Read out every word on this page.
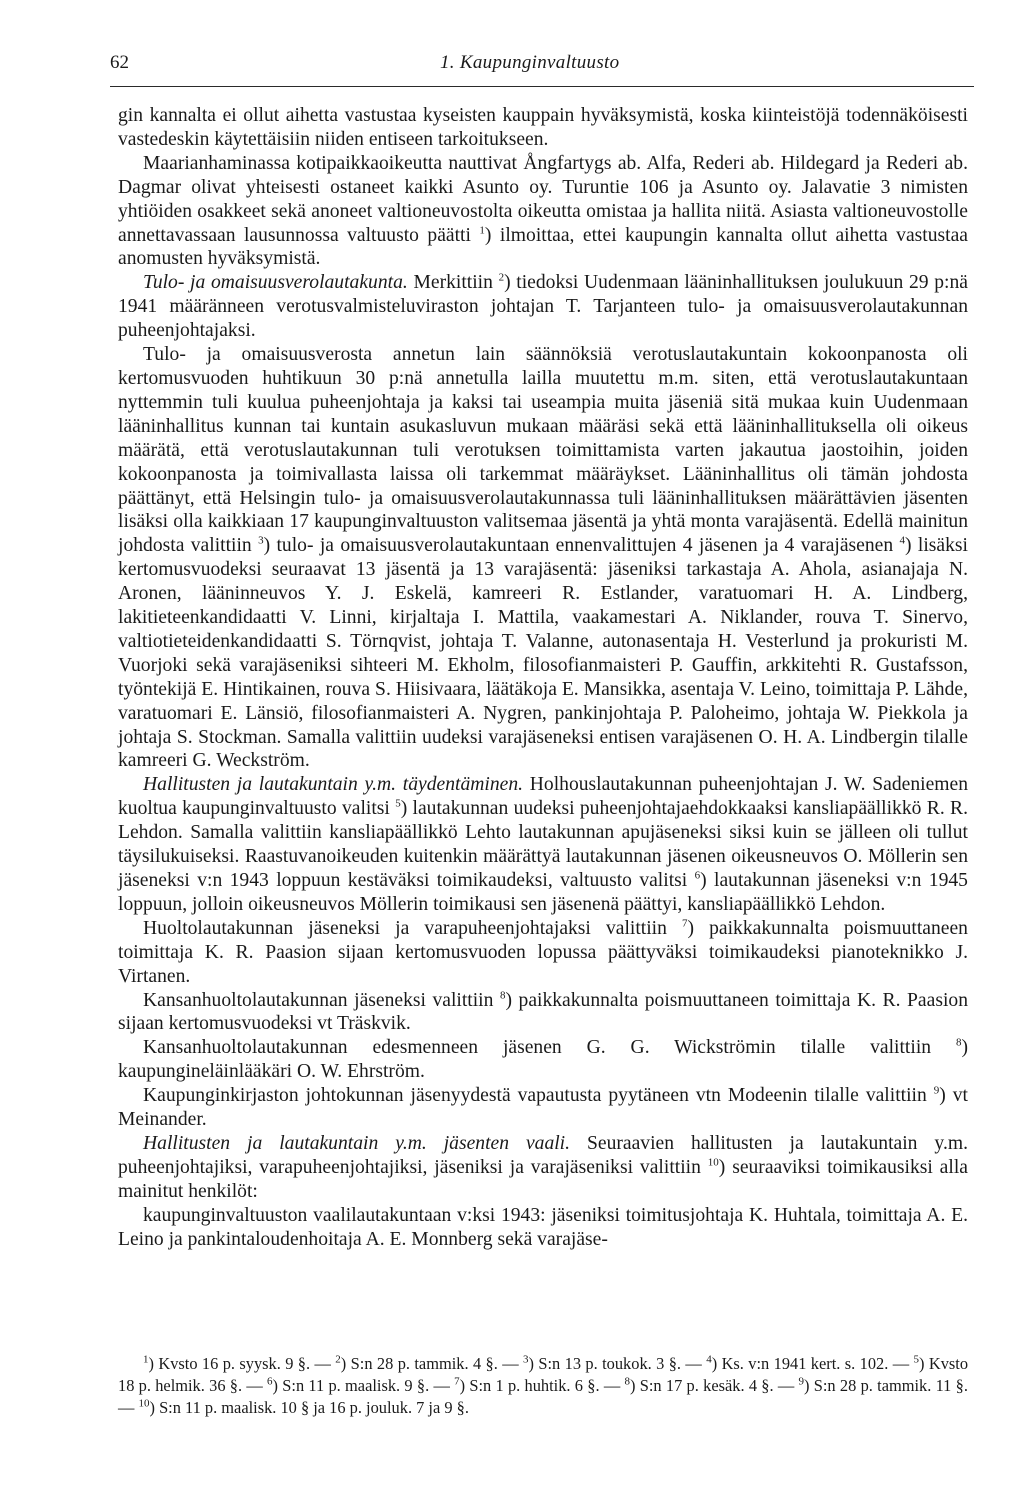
62	1. Kaupunginvaltuusto

gin kannalta ei ollut aihetta vastustaa kyseisten kauppain hyväksymistä, koska kiinteistöjä todennäköisesti vastedeskin käytettäisiin niiden entiseen tarkoitukseen.

Maarianhaminassa kotipaikkaoikeutta nauttivat Ångfartygs ab. Alfa, Rederi ab. Hildegard ja Rederi ab. Dagmar olivat yhteisesti ostaneet kaikki Asunto oy. Turuntie 106 ja Asunto oy. Jalavatie 3 nimisten yhtiöiden osakkeet sekä anoneet valtioneuvostolta oikeutta omistaa ja hallita niitä. Asiasta valtioneuvostolle annettavassaan lausunnossa valtuusto päätti $^1$) ilmoittaa, ettei kaupungin kannalta ollut aihetta vastustaa anomusten hyväksymistä.

Tulo- ja omaisuusverolautakunta. Merkittiin $^2$) tiedoksi Uudenmaan lääninhallituksen joulukuun 29 p:nä 1941 määränneen verotusvalmisteluviraston johtajan T. Tarjanteen tulo- ja omaisuusverolautakunnan puheenjohtajaksi.

Tulo- ja omaisuusverosta annetun lain säännöksiä verotuslautakuntain kokoonpanosta oli kertomusvuoden huhtikuun 30 p:nä annetulla lailla muutettu m.m. siten, että verotuslautakuntaan nyttemmin tuli kuulua puheenjohtaja ja kaksi tai useampia muita jäseniä sitä mukaa kuin Uudenmaan lääninhallitus kunnan tai kuntain asukasluvun mukaan määräsi sekä että lääninhallituksella oli oikeus määrätä, että verotuslautakunnan tuli verotuksen toimittamista varten jakautua jaostoihin, joiden kokoonpanosta ja toimivallasta laissa oli tarkemmat määräykset. Lääninhallitus oli tämän johdosta päättänyt, että Helsingin tulo- ja omaisuusverolautakunnassa tuli lääninhallituksen määrättävien jäsenten lisäksi olla kaikkiaan 17 kaupunginvaltuuston valitsemaa jäsentä ja yhtä monta varajäsentä. Edellä mainitun johdosta valittiin $^3$) tulo- ja omaisuusverolautakuntaan ennenvalittujen 4 jäsenen ja 4 varajäsenen $^4$) lisäksi kertomusvuodeksi seuraavat 13 jäsentä ja 13 varajäsentä: jäseniksi tarkastaja A. Ahola, asianajaja N. Aronen, lääninneuvos Y. J. Eskelä, kamreeri R. Estlander, varatuomari H. A. Lindberg, lakitieteenkandidaatti V. Linni, kirjaltaja I. Mattila, vaakamestari A. Niklander, rouva T. Sinervo, valtiotieteidenkandidaatti S. Törnqvist, johtaja T. Valanne, autonasentaja H. Vesterlund ja prokuristi M. Vuorjoki sekä varajäseniksi sihteeri M. Ekholm, filosofianmaisteri P. Gauffin, arkkitehti R. Gustafsson, työntekijä E. Hintikainen, rouva S. Hiisivaara, läätäkoja E. Mansikka, asentaja V. Leino, toimittaja P. Lähde, varatuomari E. Länsiö, filosofianmaisteri A. Nygren, pankinjohtaja P. Paloheimo, johtaja W. Piekkola ja johtaja S. Stockman. Samalla valittiin uudeksi varajäseneksi entisen varajäsenen O. H. A. Lindbergin tilalle kamreeri G. Weckström.

Hallitusten ja lautakuntain y.m. täydentäminen. Holhouslautakunnan puheenjohtajan J. W. Sadeniemen kuoltua kaupunginvaltuusto valitsi $^5$) lautakunnan uudeksi puheenjohtajaehdokkaaksi kansliapäällikkö R. R. Lehdon. Samalla valittiin kansliapäällikkö Lehto lautakunnan apujäseneksi siksi kuin se jälleen oli tullut täysilukuiseksi. Raastuvanoikeuden kuitenkin määrättyä lautakunnan jäsenen oikeusneuvos O. Möllerin sen jäseneksi v:n 1943 loppuun kestäväksi toimikaudeksi, valtuusto valitsi $^6$) lautakunnan jäseneksi v:n 1945 loppuun, jolloin oikeusneuvos Möllerin toimikausi sen jäsenenä päättyi, kansliapäällikkö Lehdon.

Huoltolautakunnan jäseneksi ja varapuheenjohtajaksi valittiin $^7$) paikkakunnalta poismuuttaneen toimittaja K. R. Paasion sijaan kertomusvuoden lopussa päättyväksi toimikaudeksi pianoteknikko J. Virtanen.

Kansanhuoltolautakunnan jäseneksi valittiin $^8$) paikkakunnalta poismuuttaneen toimittaja K. R. Paasion sijaan kertomusvuodeksi vt Träskvik.

Kansanhuoltolautakunnan edesmenneen jäsenen G. G. Wickströmin tilalle valittiin $^8$) kaupungineläinlääkäri O. W. Ehrström.

Kaupunginkirjaston johtokunnan jäsenyydestä vapautusta pyytäneen vtn Modeenin tilalle valittiin $^9$) vt Meinander.

Hallitusten ja lautakuntain y.m. jäsenten vaali. Seuraavien hallitusten ja lautakuntain y.m. puheenjohtajiksi, varapuheenjohtajiksi, jäseniksi ja varajäseniksi valittiin $^{10}$) seuraaviksi toimikausiksi alla mainitut henkilöt:

kaupunginvaltuuston vaalilautakuntaan v:ksi 1943: jäseniksi toimitusjohtaja K. Huhtala, toimittaja A. E. Leino ja pankintaloudenhoitaja A. E. Monnberg sekä varajäse-

$^1$) Kvsto 16 p. syysk. 9 §. — $^2$) S:n 28 p. tammik. 4 §. — $^3$) S:n 13 p. toukok. 3 §. — $^4$) Ks. v:n 1941 kert. s. 102. — $^5$) Kvsto 18 p. helmik. 36 §. — $^6$) S:n 11 p. maalisk. 9 §. — $^7$) S:n 1 p. huhtik. 6 §. — $^8$) S:n 17 p. kesäk. 4 §. — $^9$) S:n 28 p. tammik. 11 §. — $^{10}$) S:n 11 p. maalisk. 10 § ja 16 p. jouluk. 7 ja 9 §.
